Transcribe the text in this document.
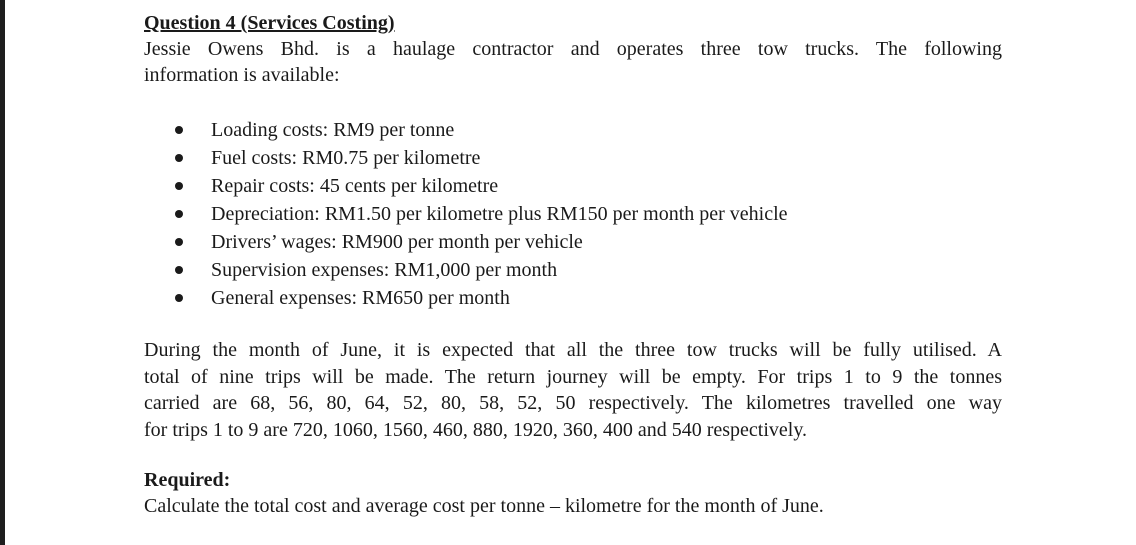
Question 4 (Services Costing)

Jessie Owens Bhd. is a haulage contractor and operates three tow trucks. The following
information is available:

Loading costs: RM9 per tonne
Fuel costs: RM0.75 per kilometre
Repair costs: 45 cents per kilometre
Depreciation: RM1.50 per kilometre plus RM150 per month per vehicle
Drivers’ wages: RM900 per month per vehicle
Supervision expenses: RM1,000 per month
General expenses: RM650 per month

During the month of June, it is expected that all the three tow trucks will be fully utilised. A
total of nine trips will be made. The return journey will be empty. For trips 1 to 9 the tonnes
carried are 68, 56, 80, 64, 52, 80, 58, 52, 50 respectively. The kilometres travelled one way
for trips 1 to 9 are 720, 1060, 1560, 460, 880, 1920, 360, 400 and 540 respectively.

Required:

Calculate the total cost and average cost per tonne – kilometre for the month of June.
